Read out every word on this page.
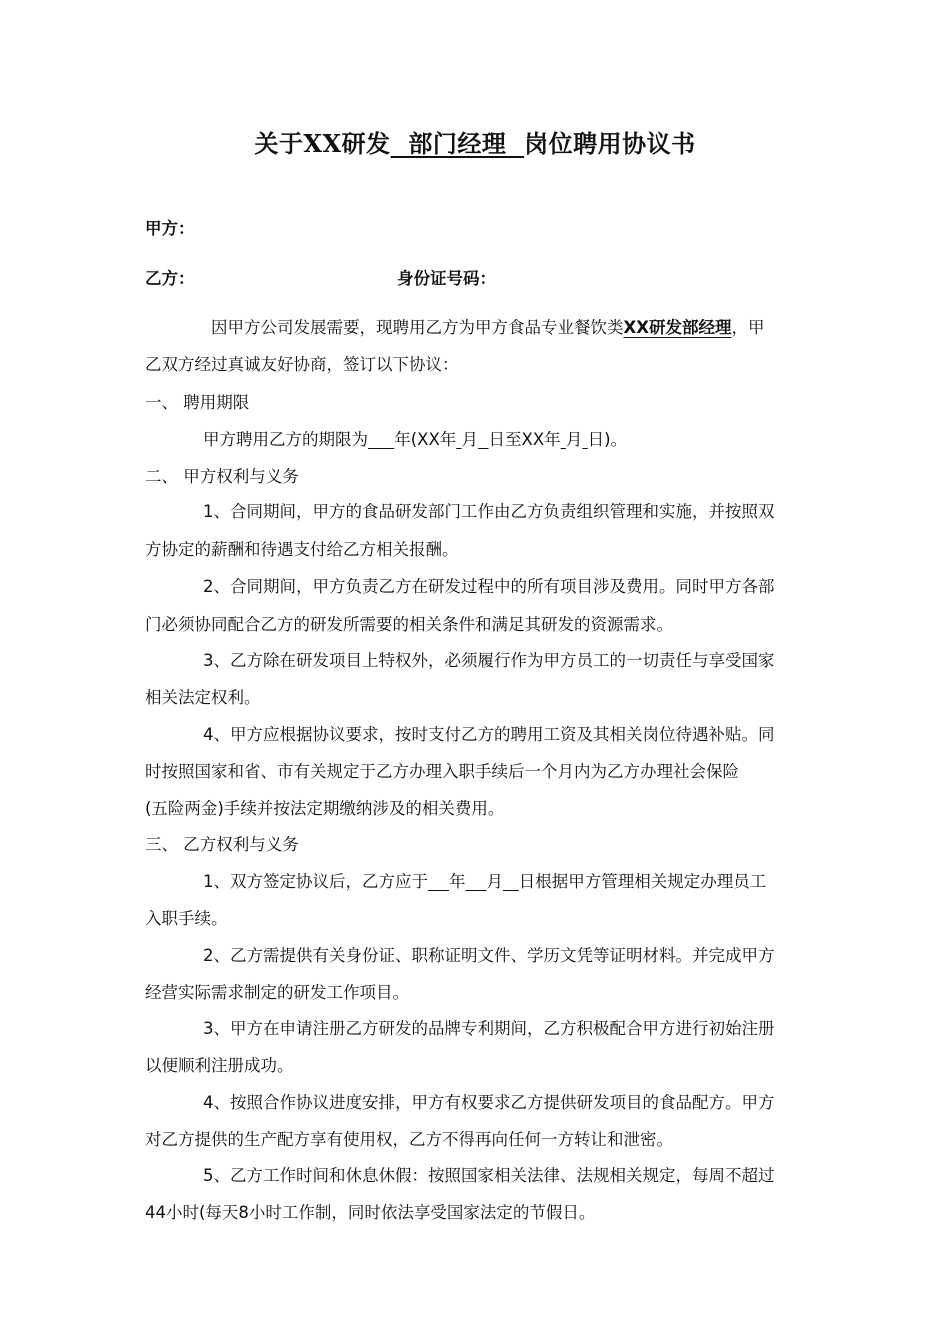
关于XX研发  部门经理  岗位聘用协议书
甲方：
乙方：	身份证号码：
因甲方公司发展需要，现聘用乙方为甲方食品专业餐饮类XX研发部经理，甲
乙双方经过真诚友好协商，签订以下协议：
一、 聘用期限
甲方聘用乙方的期限为 年(XX年 月 日至XX年 月 日)。
二、 甲方权利与义务
1、合同期间，甲方的食品研发部门工作由乙方负责组织管理和实施，并按照双
方协定的薪酬和待遇支付给乙方相关报酬。
2、合同期间，甲方负责乙方在研发过程中的所有项目涉及费用。同时甲方各部
门必须协同配合乙方的研发所需要的相关条件和满足其研发的资源需求。
3、乙方除在研发项目上特权外，必须履行作为甲方员工的一切责任与享受国家
相关法定权利。
4、甲方应根据协议要求，按时支付乙方的聘用工资及其相关岗位待遇补贴。同
时按照国家和省、市有关规定于乙方办理入职手续后一个月内为乙方办理社会保险
(五险两金)手续并按法定期缴纳涉及的相关费用。
三、 乙方权利与义务
1、双方签定协议后，乙方应于 年 月 日根据甲方管理相关规定办理员工
入职手续。
2、乙方需提供有关身份证、职称证明文件、学历文凭等证明材料。并完成甲方
经营实际需求制定的研发工作项目。
3、甲方在申请注册乙方研发的品牌专利期间，乙方积极配合甲方进行初始注册
以便顺利注册成功。
4、按照合作协议进度安排，甲方有权要求乙方提供研发项目的食品配方。甲方
对乙方提供的生产配方享有使用权，乙方不得再向任何一方转让和泄密。
5、乙方工作时间和休息休假：按照国家相关法律、法规相关规定，每周不超过
44小时(每天8小时工作制，同时依法享受国家法定的节假日。
